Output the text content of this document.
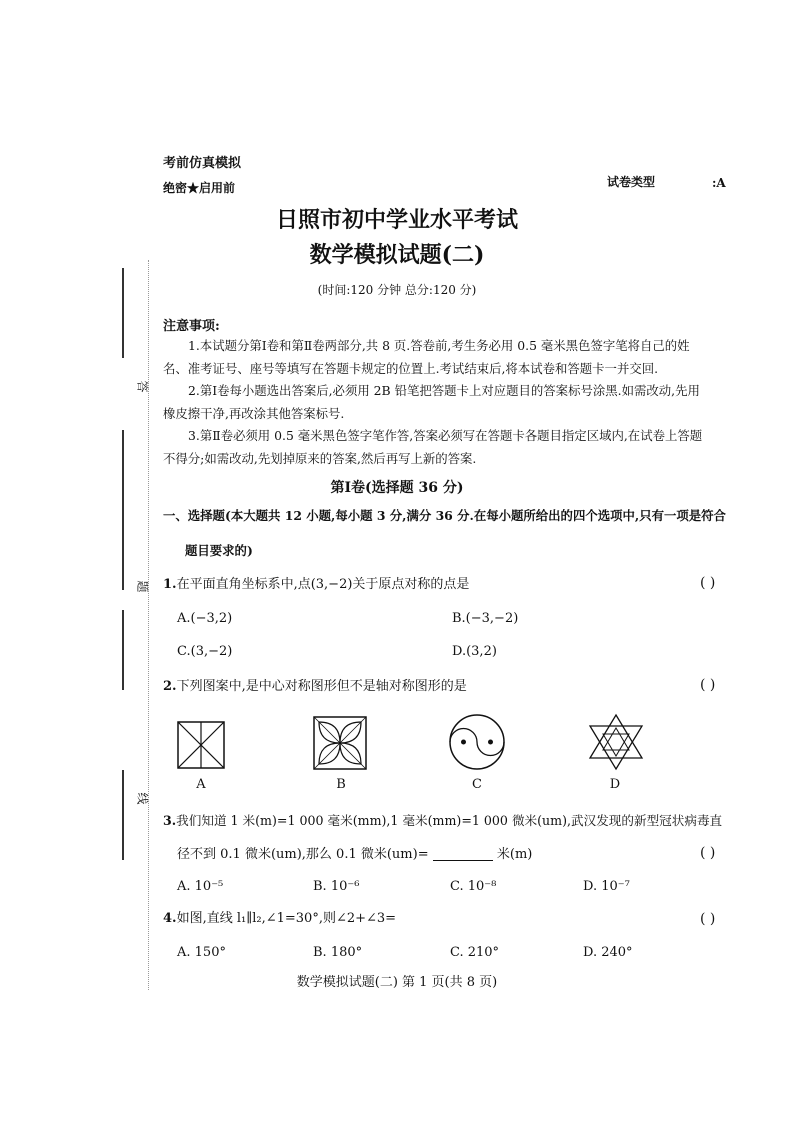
答
题
线
考前仿真模拟
绝密★启用前	试卷类型	:A
日照市初中学业水平考试
数学模拟试题(二)
(时间:120 分钟 总分:120 分)
注意事项:
1.本试题分第Ⅰ卷和第Ⅱ卷两部分,共 8 页.答卷前,考生务必用 0.5 毫米黑色签字笔将自己的姓
名、准考证号、座号等填写在答题卡规定的位置上.考试结束后,将本试卷和答题卡一并交回.
2.第Ⅰ卷每小题选出答案后,必须用 2B 铅笔把答题卡上对应题目的答案标号涂黑.如需改动,先用
橡皮擦干净,再改涂其他答案标号.
3.第Ⅱ卷必须用 0.5 毫米黑色签字笔作答,答案必须写在答题卡各题目指定区域内,在试卷上答题
不得分;如需改动,先划掉原来的答案,然后再写上新的答案.
第Ⅰ卷(选择题 36 分)
一、选择题(本大题共 12 小题,每小题 3 分,满分 36 分.在每小题所给出的四个选项中,只有一项是符合
题目要求的)
1.在平面直角坐标系中,点(3,−2)关于原点对称的点是	( )
A.(−3,2)	B.(−3,−2)
C.(3,−2)	D.(3,2)
2.下列图案中,是中心对称图形但不是轴对称图形的是	( )
A	B	C	D
3.我们知道 1 米(m)=1 000 毫米(mm),1 毫米(mm)=1 000 微米(um),武汉发现的新型冠状病毒直
径不到 0.1 微米(um),那么 0.1 微米(um)=	米(m)	( )
A. 10⁻⁵	B. 10⁻⁶	C. 10⁻⁸	D. 10⁻⁷
4.如图,直线 l₁∥l₂,∠1=30°,则∠2+∠3=	( )
A. 150°	B. 180°	C. 210°	D. 240°
数学模拟试题(二) 第 1 页(共 8 页)
